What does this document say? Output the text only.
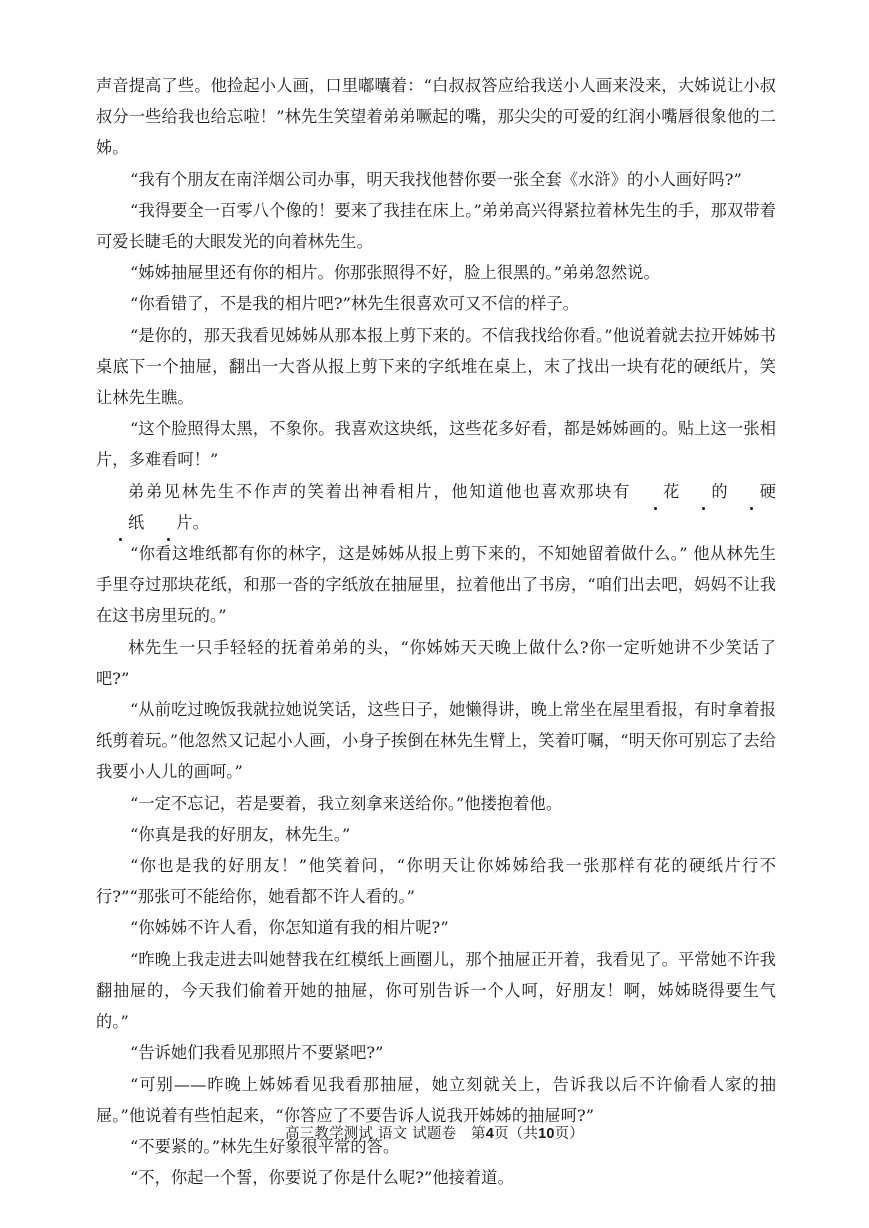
声音提高了些。他捡起小人画，口里嘟囔着：“白叔叔答应给我送小人画来没来，大姊说让小叔叔分一些给我也给忘啦！”林先生笑望着弟弟噘起的嘴，那尖尖的可爱的红润小嘴唇很象他的二姊。

“我有个朋友在南洋烟公司办事，明天我找他替你要一张全套《水浒》的小人画好吗?”

“我得要全一百零八个像的！要来了我挂在床上。”弟弟高兴得紧拉着林先生的手，那双带着可爱长睫毛的大眼发光的向着林先生。

“姊姊抽屉里还有你的相片。你那张照得不好，脸上很黑的。”弟弟忽然说。

“你看错了，不是我的相片吧?”林先生很喜欢可又不信的样子。

“是你的，那天我看见姊姊从那本报上剪下来的。不信我找给你看。”他说着就去拉开姊姊书桌底下一个抽屉，翻出一大沓从报上剪下来的字纸堆在桌上，末了找出一块有花的硬纸片，笑让林先生瞧。

“这个脸照得太黑，不象你。我喜欢这块纸，这些花多好看，都是姊姊画的。贴上这一张相片，多难看呵！”

弟弟见林先生不作声的笑着出神看相片，他知道他也喜欢那块有 花 的 硬纸 片。

“你看这堆纸都有你的林字，这是姊姊从报上剪下来的，不知她留着做什么。” 他从林先生手里夺过那块花纸，和那一沓的字纸放在抽屉里，拉着他出了书房，“咱们出去吧，妈妈不让我在这书房里玩的。”

林先生一只手轻轻的抚着弟弟的头，“你姊姊天天晚上做什么?你一定听她讲不少笑话了吧?”

“从前吃过晚饭我就拉她说笑话，这些日子，她懒得讲，晚上常坐在屋里看报，有时拿着报纸剪着玩。”他忽然又记起小人画，小身子挨倒在林先生臂上，笑着叮嘱，“明天你可别忘了去给我要小人儿的画呵。”

“一定不忘记，若是要着，我立刻拿来送给你。”他搂抱着他。

“你真是我的好朋友，林先生。”

“你也是我的好朋友！”他笑着问，“你明天让你姊姊给我一张那样有花的硬纸片行不行?”“那张可不能给你，她看都不许人看的。”

“你姊姊不许人看，你怎知道有我的相片呢?”

“昨晚上我走进去叫她替我在红模纸上画圈儿，那个抽屉正开着，我看见了。平常她不许我翻抽屉的，今天我们偷着开她的抽屉，你可别告诉一个人呵，好朋友！啊，姊姊晓得要生气的。”

“告诉她们我看见那照片不要紧吧?”

“可别——昨晚上姊姊看见我看那抽屉，她立刻就关上，告诉我以后不许偷看人家的抽屉。”他说着有些怕起来，“你答应了不要告诉人说我开姊姊的抽屉呵?”

“不要紧的。”林先生好象很平常的答。

“不，你起一个誓，你要说了你是什么呢?”他接着道。

高三教学测试 语文 试题卷　第4页（共10页）
